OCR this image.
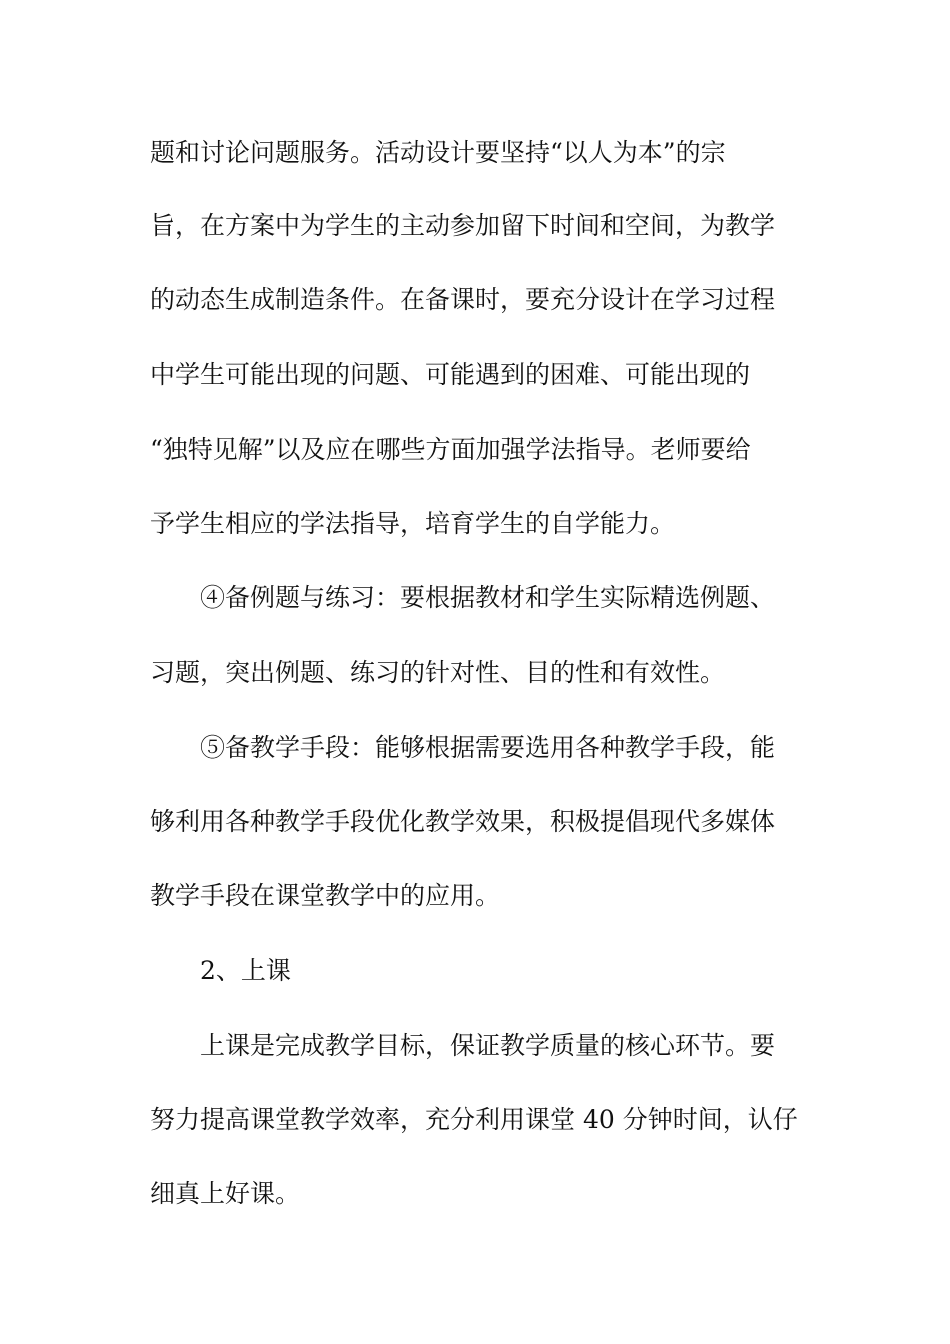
题和讨论问题服务。活动设计要坚持“以人为本”的宗
旨，在方案中为学生的主动参加留下时间和空间，为教学
的动态生成制造条件。在备课时，要充分设计在学习过程
中学生可能出现的问题、可能遇到的困难、可能出现的
“独特见解”以及应在哪些方面加强学法指导。老师要给
予学生相应的学法指导，培育学生的自学能力。
④备例题与练习：要根据教材和学生实际精选例题、
习题，突出例题、练习的针对性、目的性和有效性。
⑤备教学手段：能够根据需要选用各种教学手段，能
够利用各种教学手段优化教学效果，积极提倡现代多媒体
教学手段在课堂教学中的应用。
2、上课
上课是完成教学目标，保证教学质量的核心环节。要
努力提高课堂教学效率，充分利用课堂 40 分钟时间，认仔
细真上好课。
